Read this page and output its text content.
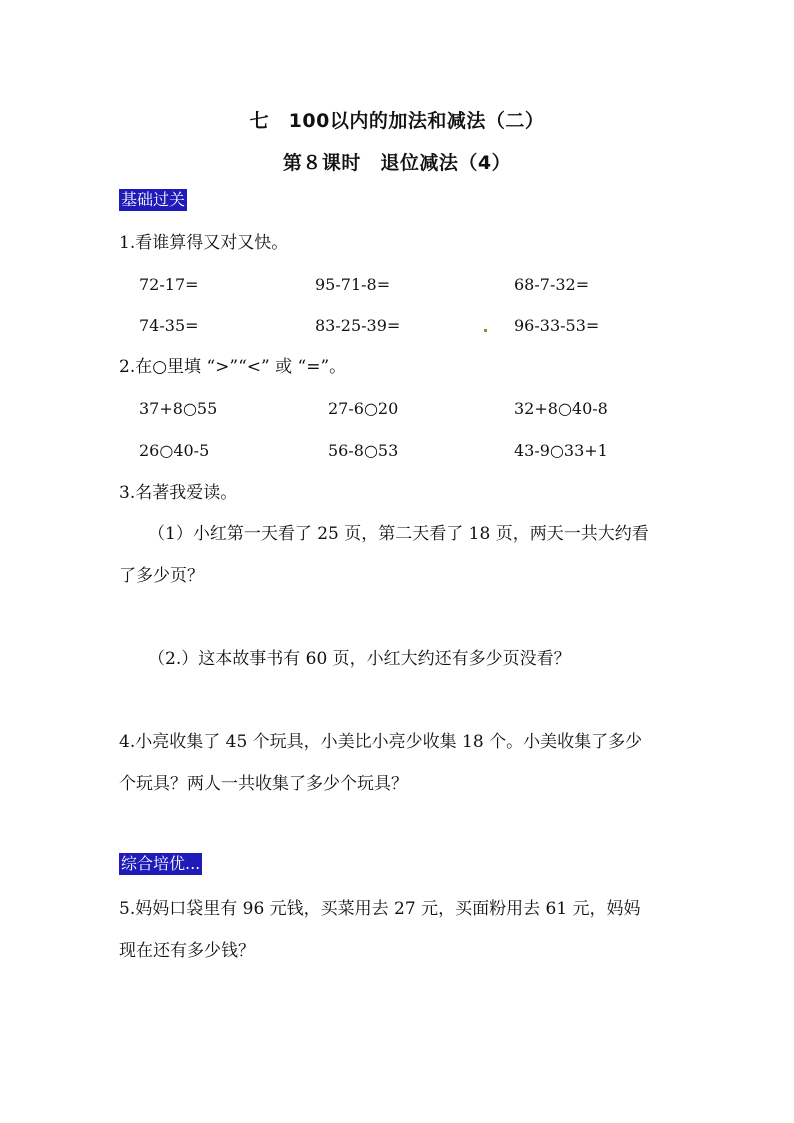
七　100以内的加法和减法（二）
第８课时　退位减法（4）
基础过关
1.看谁算得又对又快。
72-17=	95-71-8=	68-7-32=
74-35=	83-25-39=	96-33-53=
2.在○里填 “>”“<” 或 “=”。
37+8○55	27-6○20	32+8○40-8
26○40-5	56-8○53	43-9○33+1
3.名著我爱读。
（1）小红第一天看了 25 页，第二天看了 18 页，两天一共大约看
了多少页？
（2.）这本故事书有 60 页，小红大约还有多少页没看？
4.小亮收集了 45 个玩具，小美比小亮少收集 18 个。小美收集了多少
个玩具？两人一共收集了多少个玩具？
综合培优...
5.妈妈口袋里有 96 元钱，买菜用去 27 元，买面粉用去 61 元，妈妈
现在还有多少钱？
